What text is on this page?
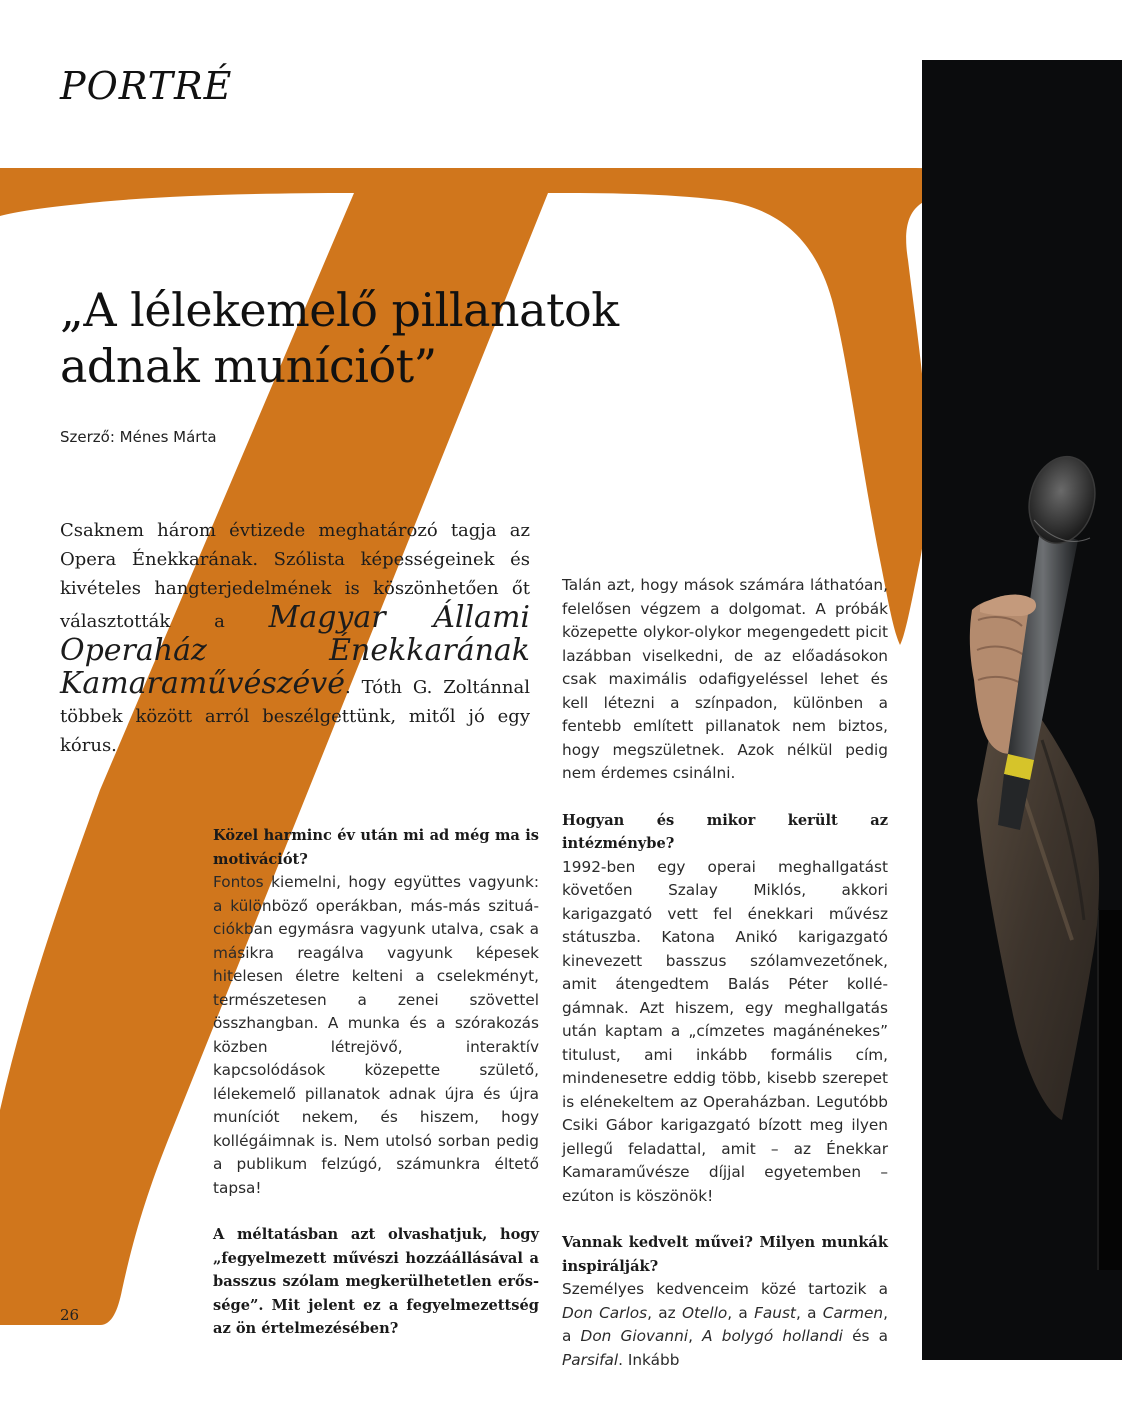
PORTRÉ
„A lélekemelő pillanatok
adnak muníciót”
Szerző: Ménes Márta

Csaknem három évtizede meghatározó tagja az Opera Énekkarának. Szólista képességeinek és kivételes hangterjedelmének is köszönhetően őt választották a Magyar Állami Operaház Énekkarának Kamaraművészévé. Tóth G. Zoltánnal többek között arról beszélgettünk, mitől jó egy kórus.

Közel harminc év után mi ad még ma is motivációt?

Fontos kiemelni, hogy együttes vagyunk: a különböző operákban, más-más szituációkban egymásra vagyunk utalva, csak a másikra reagálva vagyunk képesek hitelesen életre kelteni a cselekményt, természetesen a zenei szövettel összhangban. A munka és a szórakozás közben létrejövő, interaktív kapcsolódások közepette születő, lélekemelő pillanatok adnak újra és újra muníciót nekem, és hiszem, hogy kollégáimnak is. Nem utolsó sorban pedig a publikum felzúgó, számunkra éltető tapsa!

A méltatásban azt olvashatjuk, hogy „fegyelmezett művészi hozzáállásával a basszus szólam megkerülhetetlen erőssége”. Mit jelent ez a fegyelmezettség az ön értelmezésében?

Talán azt, hogy mások számára láthatóan, felelősen végzem a dolgomat. A próbák közepette olykor-olykor megengedett picit lazábban viselkedni, de az előadásokon csak maximális odafigyeléssel lehet és kell létezni a színpadon, különben a fentebb említett pillanatok nem biztos, hogy megszületnek. Azok nélkül pedig nem érdemes csinálni.

Hogyan és mikor került az intézménybe?

1992-ben egy operai meghallgatást követően Szalay Miklós, akkori karigazgató vett fel énekkari művész státuszba. Katona Anikó karigazgató kinevezett basszus szólamvezetőnek, amit átengedtem Balás Péter kollégámnak. Azt hiszem, egy meghallgatás után kaptam a „címzetes magánénekes” titulust, ami inkább formális cím, mindenesetre eddig több, kisebb szerepet is elénekeltem az Operaházban. Legutóbb Csiki Gábor karigazgató bízott meg ilyen jellegű feladattal, amit – az Énekkar Kamaraművésze díjjal egyetemben – ezúton is köszönök!

Vannak kedvelt művei? Milyen munkák inspirálják?

Személyes kedvenceim közé tartozik a Don Carlos, az Otello, a Faust, a Carmen, a Don Giovanni, A bolygó hollandi és a Parsifal. Inkább

26
